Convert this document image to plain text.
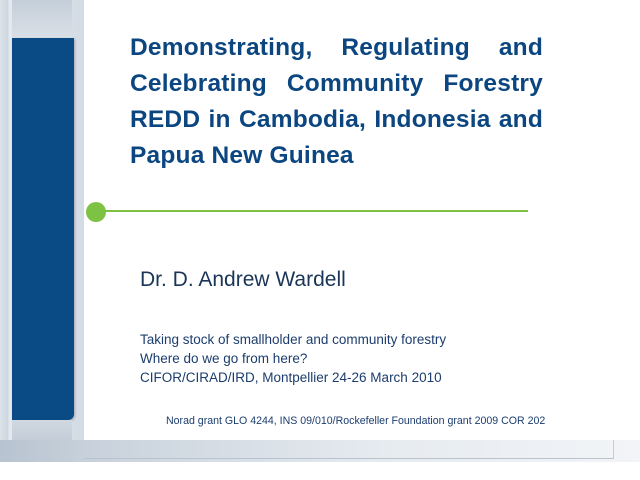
Demonstrating, Regulating and Celebrating Community Forestry REDD in Cambodia, Indonesia and Papua New Guinea

Dr. D. Andrew Wardell

Taking stock of smallholder and community forestry
Where do we go from here?
CIFOR/CIRAD/IRD, Montpellier 24-26 March 2010

Norad grant GLO 4244, INS 09/010/Rockefeller Foundation grant 2009 COR 202
